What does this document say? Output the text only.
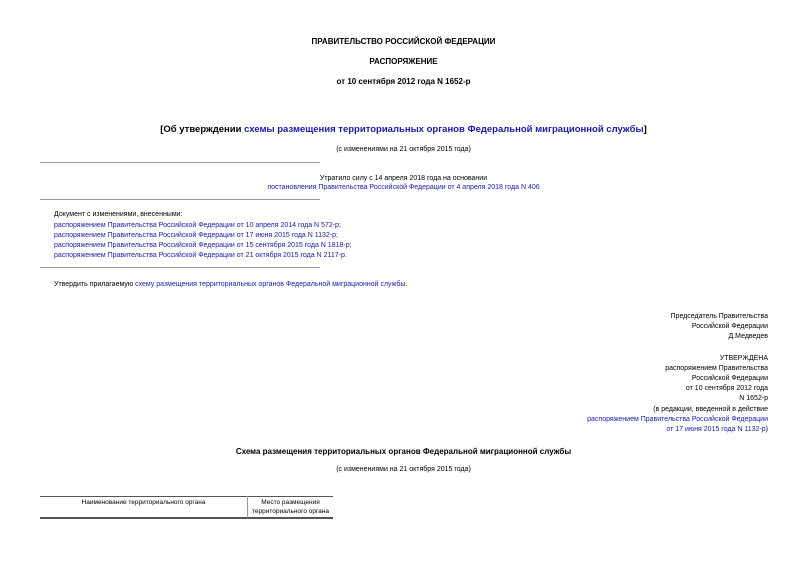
ПРАВИТЕЛЬСТВО РОССИЙСКОЙ ФЕДЕРАЦИИ
РАСПОРЯЖЕНИЕ
от 10 сентября 2012 года N 1652-р
[Об утверждении схемы размещения территориальных органов Федеральной миграционной службы]
(с изменениями на 21 октября 2015 года)
Утратило силу с 14 апреля 2018 года на основании
постановления Правительства Российской Федерации от 4 апреля 2018 года N 406
Документ с изменениями, внесенными:
распоряжением Правительства Российской Федерации от 10 апреля 2014 года N 572-р;
распоряжением Правительства Российской Федерации от 17 июня 2015 года N 1132-р;
распоряжением Правительства Российской Федерации от 15 сентября 2015 года N 1818-р;
распоряжением Правительства Российской Федерации от 21 октября 2015 года N 2117-р.
Утвердить прилагаемую схему размещения территориальных органов Федеральной миграционной службы.
Председатель Правительства
Российской Федерации
Д.Медведев
УТВЕРЖДЕНА
распоряжением Правительства
Российской Федерации
от 10 сентября 2012 года
N 1652-р
(в редакции, введенной в действие
распоряжением Правительства Российской Федерации
от 17 июня 2015 года N 1132-р)
Схема размещения территориальных органов Федеральной миграционной службы
(с изменениями на 21 октября 2015 года)
Наименование территориального органа	Место размещения
территориального органа
